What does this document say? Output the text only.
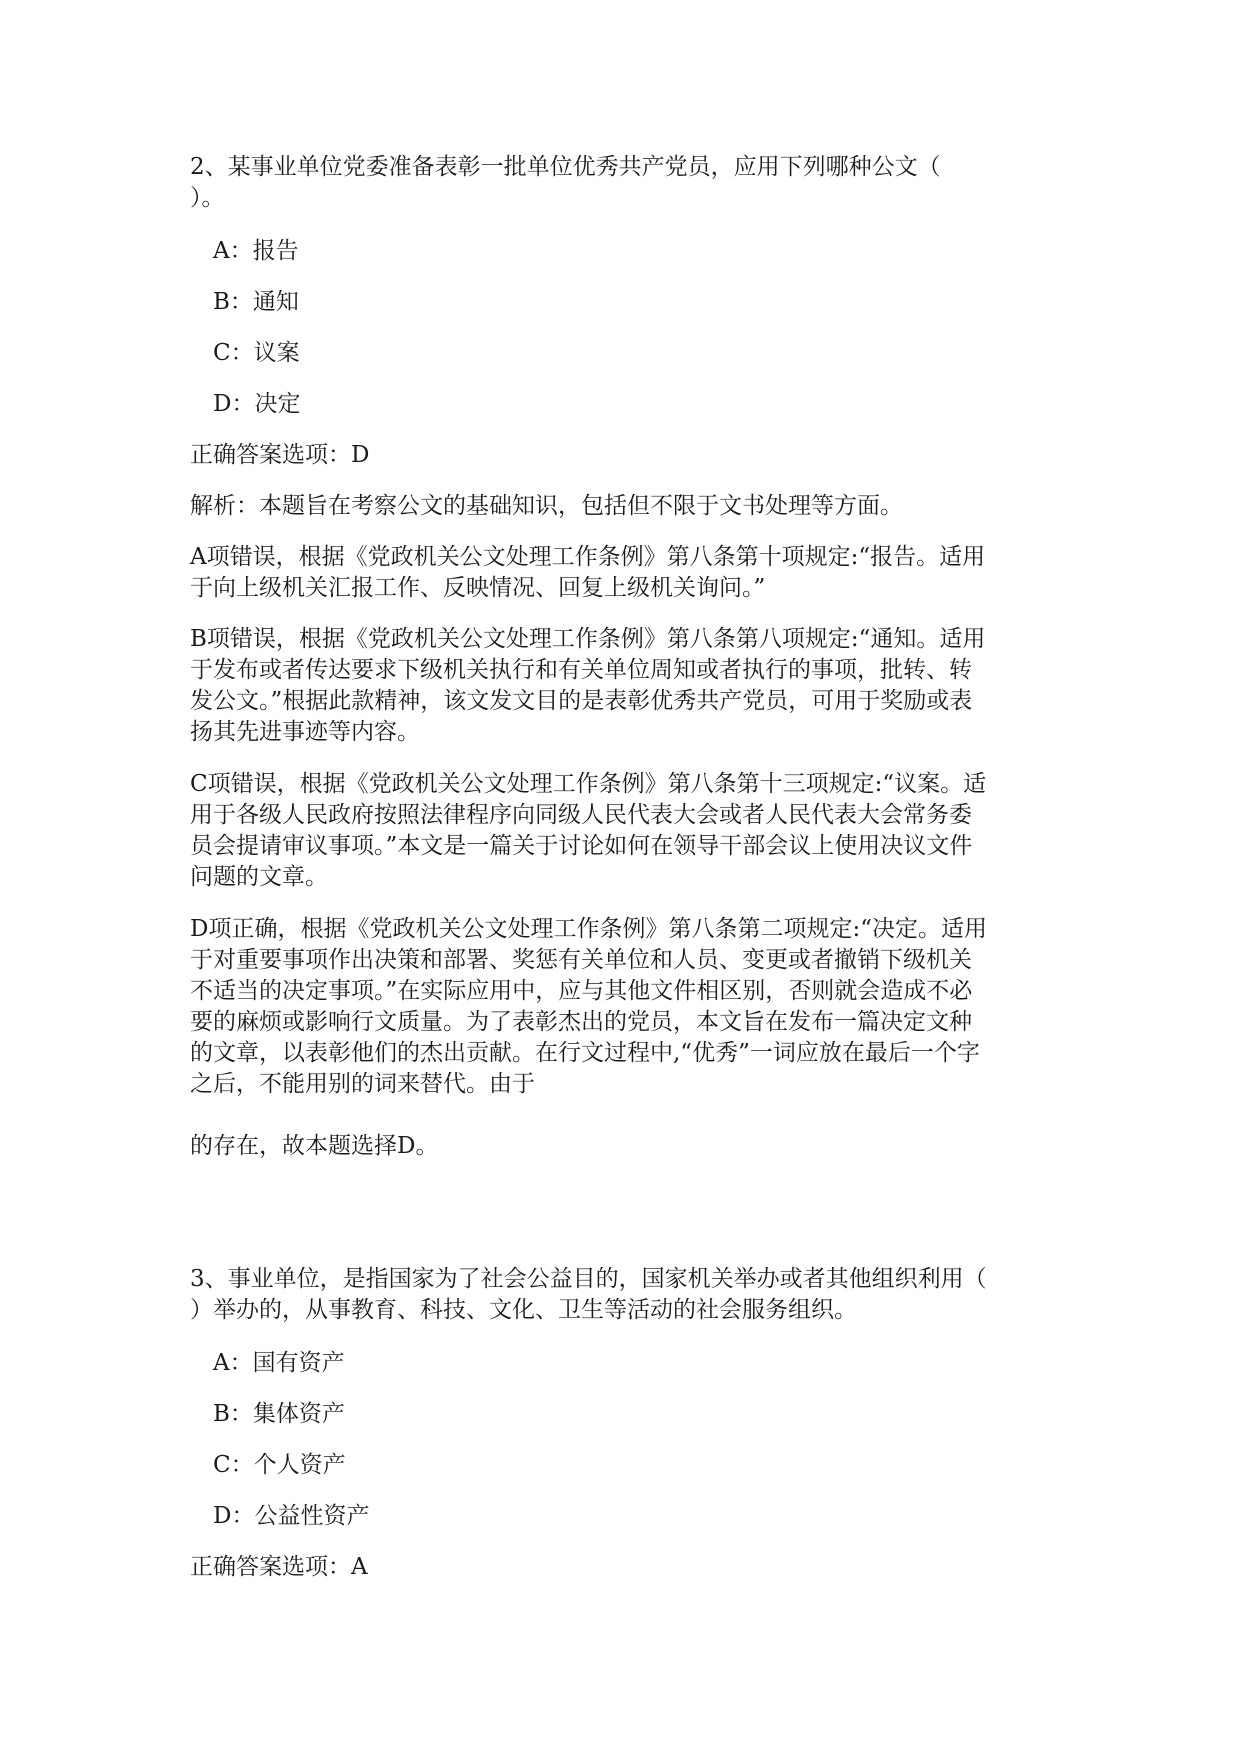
2、某事业单位党委准备表彰一批单位优秀共产党员，应用下列哪种公文（
）。

A：报告

B：通知

C：议案

D：决定

正确答案选项：D

解析：本题旨在考察公文的基础知识，包括但不限于文书处理等方面。

A项错误，根据《党政机关公文处理工作条例》第八条第十项规定:“报告。适用
于向上级机关汇报工作、反映情况、回复上级机关询问。”

B项错误，根据《党政机关公文处理工作条例》第八条第八项规定:“通知。适用
于发布或者传达要求下级机关执行和有关单位周知或者执行的事项，批转、转
发公文。”根据此款精神，该文发文目的是表彰优秀共产党员，可用于奖励或表
扬其先进事迹等内容。

C项错误，根据《党政机关公文处理工作条例》第八条第十三项规定:“议案。适
用于各级人民政府按照法律程序向同级人民代表大会或者人民代表大会常务委
员会提请审议事项。”本文是一篇关于讨论如何在领导干部会议上使用决议文件
问题的文章。

D项正确，根据《党政机关公文处理工作条例》第八条第二项规定:“决定。适用
于对重要事项作出决策和部署、奖惩有关单位和人员、变更或者撤销下级机关
不适当的决定事项。”在实际应用中，应与其他文件相区别，否则就会造成不必
要的麻烦或影响行文质量。为了表彰杰出的党员，本文旨在发布一篇决定文种
的文章，以表彰他们的杰出贡献。在行文过程中,“优秀”一词应放在最后一个字
之后，不能用别的词来替代。由于

的存在，故本题选择D。

3、事业单位，是指国家为了社会公益目的，国家机关举办或者其他组织利用（
）举办的，从事教育、科技、文化、卫生等活动的社会服务组织。

A：国有资产

B：集体资产

C：个人资产

D：公益性资产

正确答案选项：A
